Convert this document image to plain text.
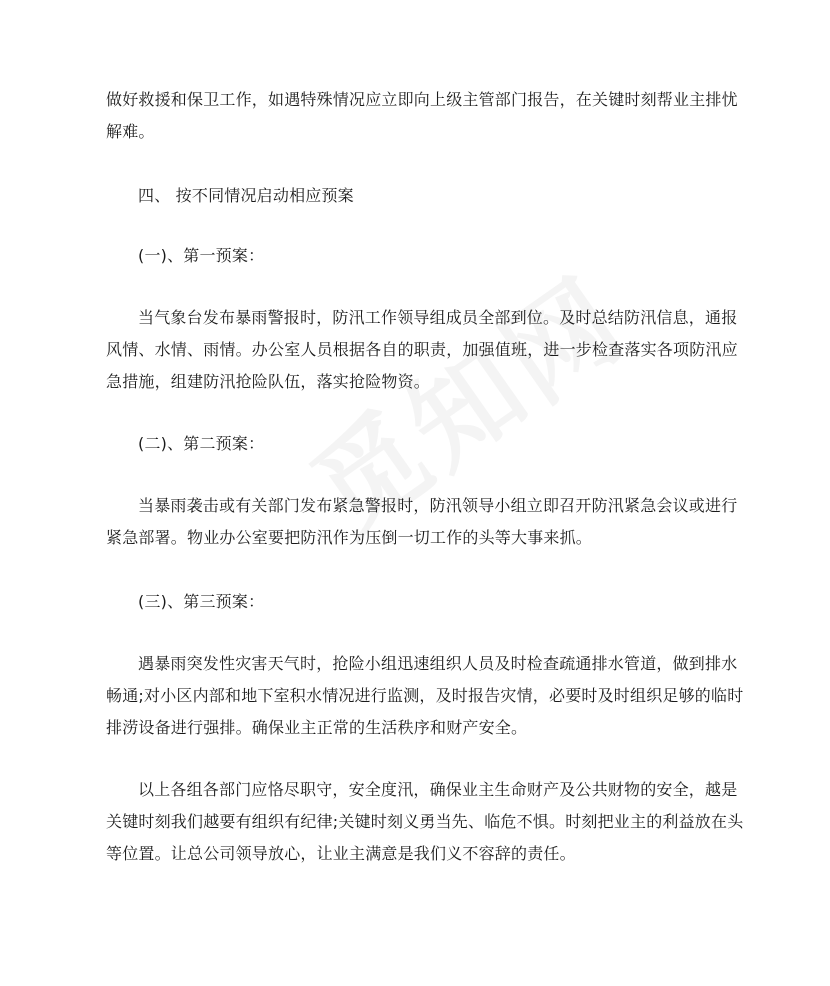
做好救援和保卫工作，如遇特殊情况应立即向上级主管部门报告，在关键时刻帮业主排忧解难。

四、 按不同情况启动相应预案

(一)、第一预案：

当气象台发布暴雨警报时，防汛工作领导组成员全部到位。及时总结防汛信息，通报风情、水情、雨情。办公室人员根据各自的职责，加强值班，进一步检查落实各项防汛应急措施，组建防汛抢险队伍，落实抢险物资。

(二)、第二预案：

当暴雨袭击或有关部门发布紧急警报时，防汛领导小组立即召开防汛紧急会议或进行紧急部署。物业办公室要把防汛作为压倒一切工作的头等大事来抓。

(三)、第三预案：

遇暴雨突发性灾害天气时，抢险小组迅速组织人员及时检查疏通排水管道，做到排水畅通;对小区内部和地下室积水情况进行监测，及时报告灾情，必要时及时组织足够的临时排涝设备进行强排。确保业主正常的生活秩序和财产安全。

以上各组各部门应恪尽职守，安全度汛，确保业主生命财产及公共财物的安全，越是关键时刻我们越要有组织有纪律;关键时刻义勇当先、临危不惧。时刻把业主的利益放在头等位置。让总公司领导放心，让业主满意是我们义不容辞的责任。
